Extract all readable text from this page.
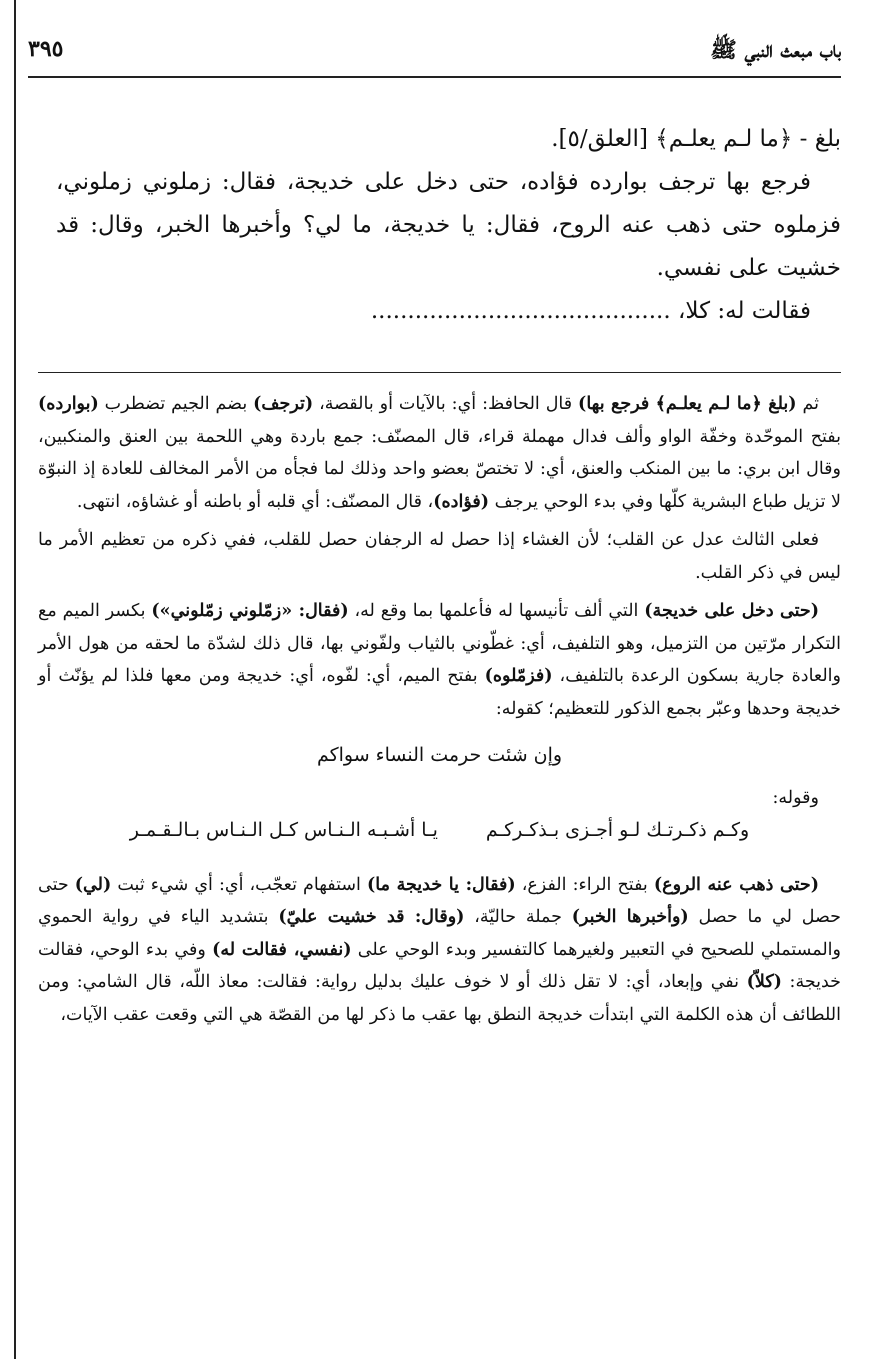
باب مبعث النبي ﷺ
٣٩٥

بلغ - ﴿ما لـم يعلـم﴾ [العلق/٥].

فرجع بها ترجف بوارده فؤاده، حتى دخل على خديجة، فقال: زملوني زملوني، فزملوه حتى ذهب عنه الروح، فقال: يا خديجة، ما لي؟ وأخبرها الخبر، وقال: قد خشيت على نفسي.

فقالت له: كلا، .........................................

ثم (بلغ ﴿ما لـم يعلـم﴾ فرجع بها) قال الحافظ: أي: بالآيات أو بالقصة، (ترجف) بضم الجيم تضطرب (بوارده) بفتح الموحّدة وخفّة الواو وألف فدال مهملة قراء، قال المصنّف: جمع باردة وهي اللحمة بين العنق والمنكبين، وقال ابن بري: ما بين المنكب والعنق، أي: لا تختصّ بعضو واحد وذلك لما فجأه من الأمر المخالف للعادة إذ النبوّة لا تزيل طباع البشرية كلّها وفي بدء الوحي يرجف (فؤاده)، قال المصنّف: أي قلبه أو باطنه أو غشاؤه، انتهى.

فعلى الثالث عدل عن القلب؛ لأن الغشاء إذا حصل له الرجفان حصل للقلب، ففي ذكره من تعظيم الأمر ما ليس في ذكر القلب.

(حتى دخل على خديجة) التي ألف تأنيسها له فأعلمها بما وقع له، (فقال: «زمّلوني زمّلوني») بكسر الميم مع التكرار مرّتين من التزميل، وهو التلفيف، أي: غطّوني بالثياب ولفّوني بها، قال ذلك لشدّة ما لحقه من هول الأمر والعادة جارية بسكون الرعدة بالتلفيف، (فزمّلوه) بفتح الميم، أي: لفّوه، أي: خديجة ومن معها فلذا لم يؤنّث أو خديجة وحدها وعبّر بجمع الذكور للتعظيم؛ كقوله:

وإن شئت حرمت النساء سواكم
وقوله:
وكـم ذكـرتـك لـو أجـزى بـذكـركـم
يـا أشـبـه الـنـاس كـل الـنـاس بـالـقـمـر

(حتى ذهب عنه الروع) بفتح الراء: الفزع، (فقال: يا خديجة ما) استفهام تعجّب، أي: أي شيء ثبت (لي) حتى حصل لي ما حصل (وأخبرها الخبر) جملة حاليّة، (وقال: قد خشيت عليّ) بتشديد الياء في رواية الحموي والمستملي للصحيح في التعبير ولغيرهما كالتفسير وبدء الوحي على (نفسي، فقالت له) وفي بدء الوحي، فقالت خديجة: (كلاّ) نفي وإبعاد، أي: لا تقل ذلك أو لا خوف عليك بدليل رواية: فقالت: معاذ اللّه، قال الشامي: ومن اللطائف أن هذه الكلمة التي ابتدأت خديجة النطق بها عقب ما ذكر لها من القصّة هي التي وقعت عقب الآيات،
